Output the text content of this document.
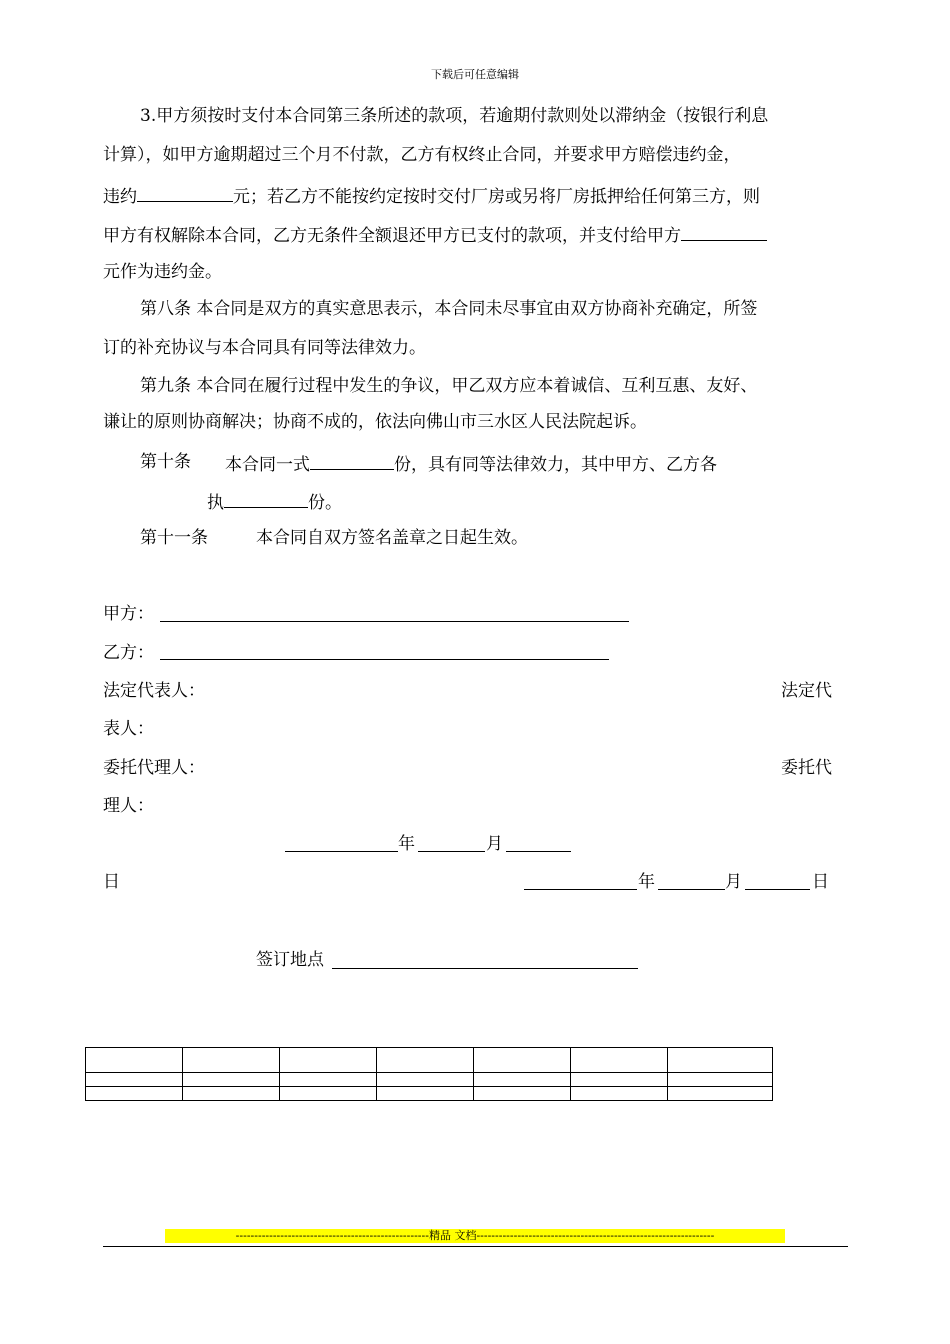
下载后可任意编辑
3.甲方须按时支付本合同第三条所述的款项，若逾期付款则处以滞纳金（按银行利息
计算），如甲方逾期超过三个月不付款，乙方有权终止合同，并要求甲方赔偿违约金，
违约	元；若乙方不能按约定按时交付厂房或另将厂房抵押给任何第三方，则
甲方有权解除本合同，乙方无条件全额退还甲方已支付的款项，并支付给甲方
元作为违约金。
第八条 本合同是双方的真实意思表示，本合同未尽事宜由双方协商补充确定，所签
订的补充协议与本合同具有同等法律效力。
第九条 本合同在履行过程中发生的争议，甲乙双方应本着诚信、互利互惠、友好、
谦让的原则协商解决；协商不成的，依法向佛山市三水区人民法院起诉。
第十条 本合同一式	份，具有同等法律效力，其中甲方、乙方各
执	份。
第十一条	本合同自双方签名盖章之日起生效。
甲方：
乙方：
法定代表人：	法定代
表人：
委托代理人：	委托代
理人：
年	月
日	年	月	日
签订地点

----------------------------------------------------精品 文档----------------------------------------------------------------
